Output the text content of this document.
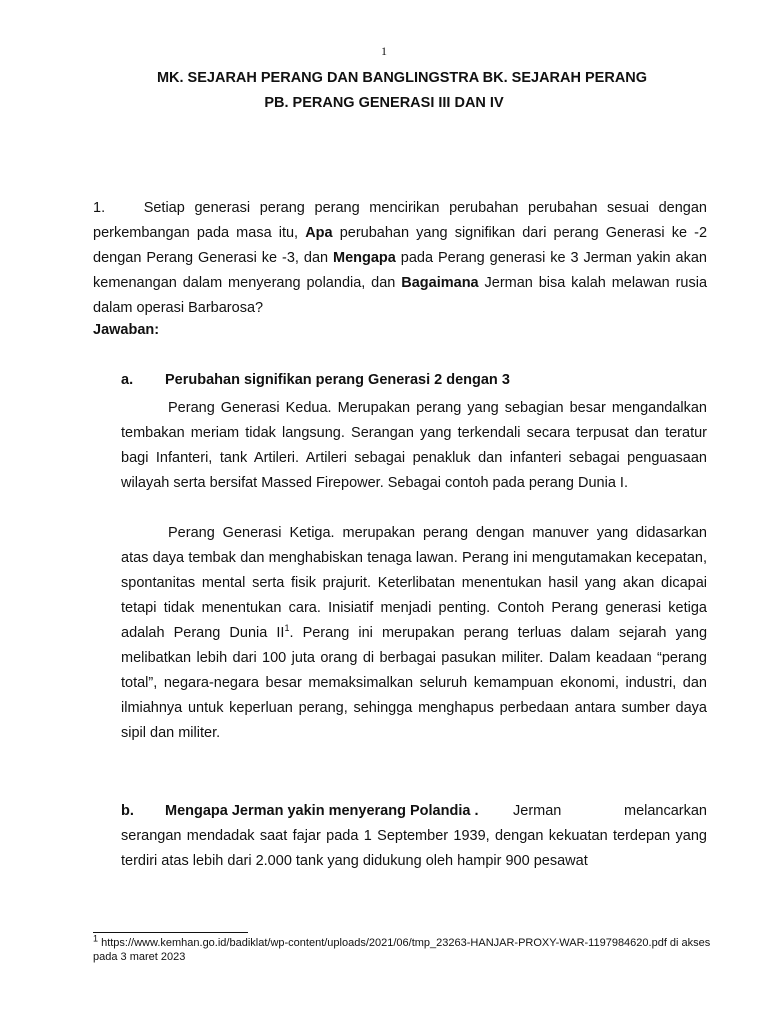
1
MK. SEJARAH PERANG DAN BANGLINGSTRA BK. SEJARAH PERANG
PB. PERANG GENERASI III DAN IV

1.	Setiap generasi perang perang mencirikan perubahan perubahan sesuai dengan perkembangan pada masa itu, Apa perubahan yang signifikan dari perang Generasi ke -2 dengan Perang Generasi ke -3, dan Mengapa pada Perang generasi ke 3 Jerman yakin akan kemenangan dalam menyerang polandia, dan Bagaimana Jerman bisa kalah melawan rusia dalam operasi Barbarosa?

Jawaban:
a. Perubahan signifikan perang Generasi 2 dengan 3

Perang Generasi Kedua. Merupakan perang yang sebagian besar mengandalkan tembakan meriam tidak langsung. Serangan yang terkendali secara terpusat dan teratur bagi Infanteri, tank Artileri. Artileri sebagai penakluk dan infanteri sebagai penguasaan wilayah serta bersifat Massed Firepower. Sebagai contoh pada perang Dunia I.

Perang Generasi Ketiga. merupakan perang dengan manuver yang didasarkan atas daya tembak dan menghabiskan tenaga lawan. Perang ini mengutamakan kecepatan, spontanitas mental serta fisik prajurit. Keterlibatan menentukan hasil yang akan dicapai tetapi tidak menentukan cara. Inisiatif menjadi penting. Contoh Perang generasi ketiga adalah Perang Dunia $II^1$. Perang ini merupakan perang terluas dalam sejarah yang melibatkan lebih dari 100 juta orang di berbagai pasukan militer. Dalam keadaan “perang total”, negara-negara besar memaksimalkan seluruh kemampuan ekonomi, industri, dan ilmiahnya untuk keperluan perang, sehingga menghapus perbedaan antara sumber daya sipil dan militer.

b. Mengapa Jerman yakin menyerang Polandia . Jerman	melancarkan

serangan mendadak saat fajar pada 1 September 1939, dengan kekuatan terdepan yang terdiri atas lebih dari 2.000 tank yang didukung oleh hampir 900 pesawat

$^1$ https://www.kemhan.go.id/badiklat/wp-content/uploads/2021/06/tmp_23263-HANJAR-PROXY-WAR-1197984620.pdf di akses pada 3 maret 2023
